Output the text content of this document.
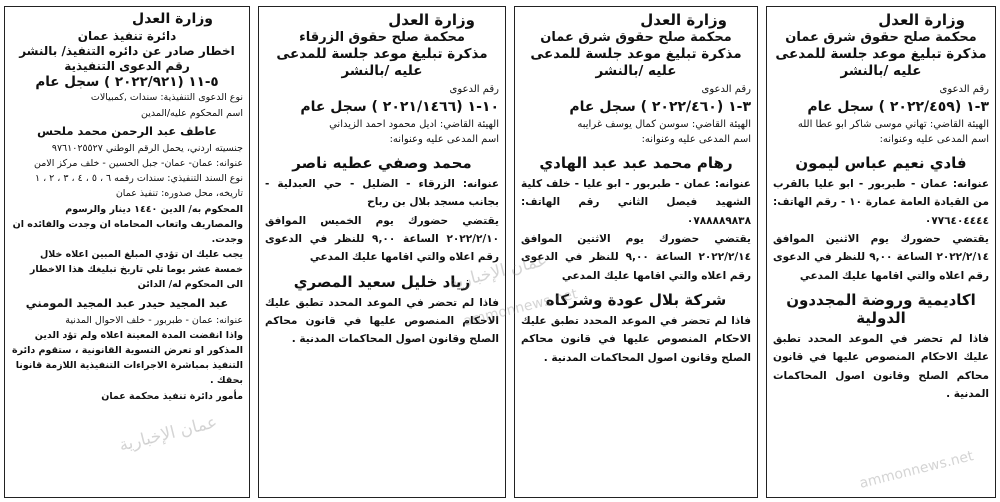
وزارة العدل
محكمة صلح حقوق شرق عمان
مذكرة تبليغ موعد جلسة للمدعى
عليه /بالنشر
رقم الدعوى
٣-١ (٢٠٢٢/٤٥٩ ) سجل عام
الهيئة القاضي: تهاني موسى شاكر ابو عطا الله
اسم المدعى عليه وعنوانه:
فادي نعيم عباس ليمون
عنوانه: عمان - طبربور - ابو عليا بالقرب من القيادة العامة عمارة ١٠ - رقم الهاتف: ٠٧٧٦٤٠٤٤٤٤
يقتضي حضورك يوم الاثنين الموافق ٢٠٢٢/٢/١٤ الساعة ٩,٠٠ للنظر في الدعوى رقم اعلاه والتي اقامها عليك المدعي
اكاديمية وروضة المجددون الدولية
فاذا لم تحضر في الموعد المحدد تطبق عليك الاحكام المنصوص عليها في قانون محاكم الصلح وقانون اصول المحاكمات المدنية .
وزارة العدل
محكمة صلح حقوق شرق عمان
مذكرة تبليغ موعد جلسة للمدعى
عليه /بالنشر
رقم الدعوى
٣-١ (٢٠٢٢/٤٦٠ ) سجل عام
الهيئة القاضي: سوسن كمال يوسف غرايبه
اسم المدعى عليه وعنوانه:
رهام محمد عبد عبد الهادي
عنوانه: عمان - طبربور - ابو عليا - خلف كلية الشهيد فيصل الثاني رقم الهاتف: ٠٧٨٨٨٨٩٨٣٨
يقتضي حضورك يوم الاثنين الموافق ٢٠٢٢/٢/١٤ الساعة ٩,٠٠ للنظر في الدعوى رقم اعلاه والتي اقامها عليك المدعي
شركة بلال عودة وشركاه
فاذا لم تحضر في الموعد المحدد تطبق عليك الاحكام المنصوص عليها في قانون محاكم الصلح وقانون اصول المحاكمات المدنية .
وزارة العدل
محكمة صلح حقوق الزرقاء
مذكرة تبليغ موعد جلسة للمدعى
عليه /بالنشر
رقم الدعوى
١٠-١ (٢٠٢١/١٤٦٦ ) سجل عام
الهيئة القاضي: اديل محمود احمد الزيداني
اسم المدعى عليه وعنوانه:
محمد وصفي عطيه ناصر
عنوانه: الزرقاء - الضليل - حي العبدلية - بجانب مسجد بلال بن رباح
يقتضي حضورك يوم الخميس الموافق ٢٠٢٢/٢/١٠ الساعة ٩,٠٠ للنظر في الدعوى رقم اعلاه والتي اقامها عليك المدعي
زياد خليل سعيد المصري
فاذا لم تحضر في الموعد المحدد تطبق عليك الاحكام المنصوص عليها في قانون محاكم الصلح وقانون اصول المحاكمات المدنية .
وزارة العدل
دائرة تنفيذ عمان
اخطار صادر عن دائره التنفيذ/ بالنشر
رقم الدعوى التنفيذية
٥-١١ (٢٠٢٢/٩٢١ ) سجل عام
نوع الدعوى التنفيذية: سندات ,كمبيالات
اسم المحكوم عليه/المدين
عاطف عبد الرحمن محمد ملحس
جنسيته اردني، يحمل الرقم الوطني ٩٧٦١٠٢٥٥٢٧
عنوانه: عمان- عمان- جبل الحسين - خلف مركز الامن
نوع السند التنفيذي: سندات رقمه ٦ ، ٥ ، ٤ ، ٣ ، ٢ ، ١ تاريخه، محل صدوره: تنفيذ عمان
المحكوم به/ الدين ١٤٤٠ دينار والرسوم والمصاريف واتعاب المحاماه ان وجدت والفائده ان وجدت.
يجب عليك ان تؤدي المبلغ المبين اعلاه خلال خمسة عشر يوما تلي تاريخ تبليغك هذا الاخطار الى المحكوم له/ الدائن
عبد المجيد حيدر عبد المجيد المومني
عنوانه: عمان - طبربور - خلف الاحوال المدنية
واذا انقضت المدة المعينة اعلاه ولم تؤد الدين المذكور او تعرض التسوية القانونية ، ستقوم دائرة التنفيذ بمباشرة الاجراءات التنفيذية اللازمة قانونا بحقك .
مأمور دائرة تنفيذ محكمة عمان
عمان الإخبارية
ammonnews.net
عمان الإخبارية
ammonnews.net
